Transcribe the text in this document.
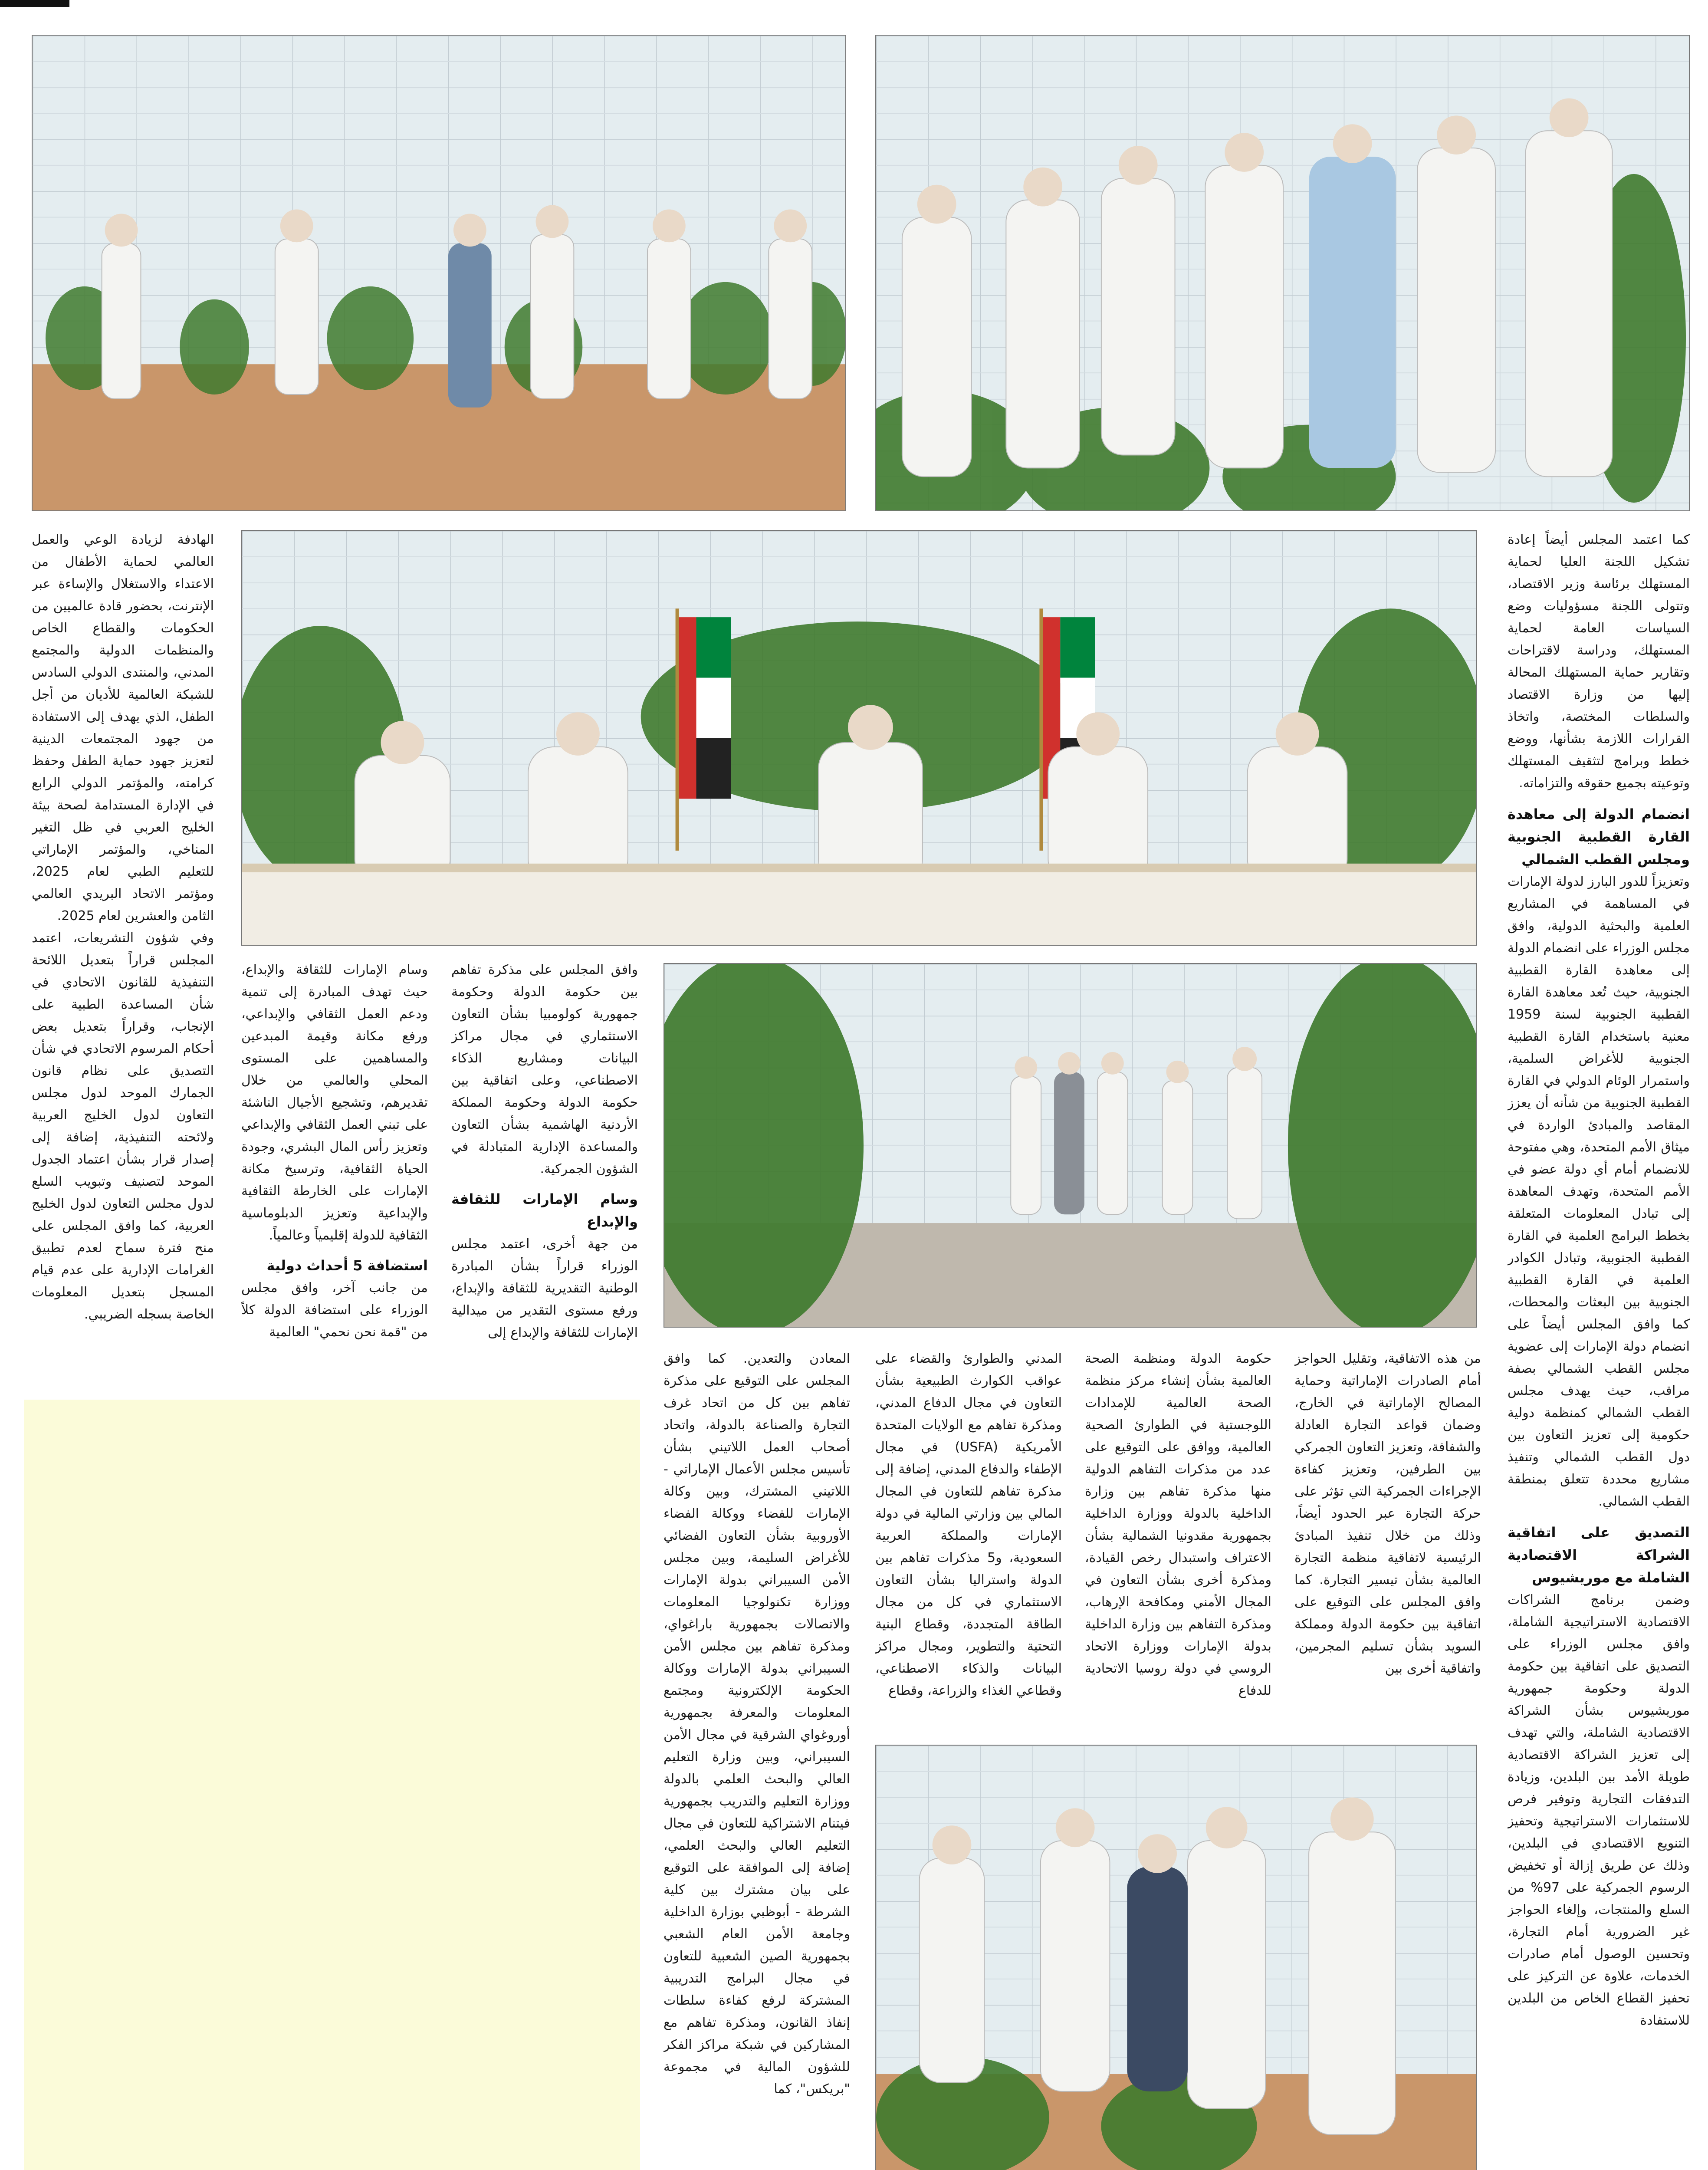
كما اعتمد المجلس أيضاً إعادة تشكيل اللجنة العليا لحماية المستهلك برئاسة وزير الاقتصاد، وتتولى اللجنة مسؤوليات وضع السياسات العامة لحماية المستهلك، ودراسة لاقتراحات وتقارير حماية المستهلك المحالة إليها من وزارة الاقتصاد والسلطات المختصة، واتخاذ القرارات اللازمة بشأنها، ووضع خطط وبرامج لتثقيف المستهلك وتوعيته بجميع حقوقه والتزاماته.

انضمام الدولة إلى معاهدة القارة القطبية الجنوبية ومجلس القطب الشمالي

وتعزيزاً للدور البارز لدولة الإمارات في المساهمة في المشاريع العلمية والبحثية الدولية، وافق مجلس الوزراء على انضمام الدولة إلى معاهدة القارة القطبية الجنوبية، حيث تُعد معاهدة القارة القطبية الجنوبية لسنة 1959 معنية باستخدام القارة القطبية الجنوبية للأغراض السلمية، واستمرار الوئام الدولي في القارة القطبية الجنوبية من شأنه أن يعزز المقاصد والمبادئ الواردة في ميثاق الأمم المتحدة، وهي مفتوحة للانضمام أمام أي دولة عضو في الأمم المتحدة، وتهدف المعاهدة إلى تبادل المعلومات المتعلقة بخطط البرامج العلمية في القارة القطبية الجنوبية، وتبادل الكوادر العلمية في القارة القطبية الجنوبية بين البعثات والمحطات، كما وافق المجلس أيضاً على انضمام دولة الإمارات إلى عضوية مجلس القطب الشمالي بصفة مراقب، حيث يهدف مجلس القطب الشمالي كمنظمة دولية حكومية إلى تعزيز التعاون بين دول القطب الشمالي وتنفيذ مشاريع محددة تتعلق بمنطقة القطب الشمالي.

التصديق على اتفاقية الشراكة الاقتصادية الشاملة مع موريشيوس

وضمن برنامج الشراكات الاقتصادية الاستراتيجية الشاملة، وافق مجلس الوزراء على التصديق على اتفاقية بين حكومة الدولة وحكومة جمهورية موريشيوس بشأن الشراكة الاقتصادية الشاملة، والتي تهدف إلى تعزيز الشراكة الاقتصادية طويلة الأمد بين البلدين، وزيادة التدفقات التجارية وتوفير فرص للاستثمارات الاستراتيجية وتحفيز التنويع الاقتصادي في البلدين، وذلك عن طريق إزالة أو تخفيض الرسوم الجمركية على 97% من السلع والمنتجات، وإلغاء الحواجز غير الضرورية أمام التجارة، وتحسين الوصول أمام صادرات الخدمات، علاوة عن التركيز على تحفيز القطاع الخاص من البلدين للاستفادة

الهادفة لزيادة الوعي والعمل العالمي لحماية الأطفال من الاعتداء والاستغلال والإساءة عبر الإنترنت، بحضور قادة عالميين من الحكومات والقطاع الخاص والمنظمات الدولية والمجتمع المدني، والمنتدى الدولي السادس للشبكة العالمية للأديان من أجل الطفل، الذي يهدف إلى الاستفادة من جهود المجتمعات الدينية لتعزيز جهود حماية الطفل وحفظ كرامته، والمؤتمر الدولي الرابع في الإدارة المستدامة لصحة بيئة الخليج العربي في ظل التغير المناخي، والمؤتمر الإماراتي للتعليم الطبي لعام 2025، ومؤتمر الاتحاد البريدي العالمي الثامن والعشرين لعام 2025.

وفي شؤون التشريعات، اعتمد المجلس قراراً بتعديل اللائحة التنفيذية للقانون الاتحادي في شأن المساعدة الطبية على الإنجاب، وقراراً بتعديل بعض أحكام المرسوم الاتحادي في شأن التصديق على نظام قانون الجمارك الموحد لدول مجلس التعاون لدول الخليج العربية ولائحته التنفيذية، إضافة إلى إصدار قرار بشأن اعتماد الجدول الموحد لتصنيف وتبويب السلع لدول مجلس التعاون لدول الخليج العربية، كما وافق المجلس على منح فترة سماح لعدم تطبيق الغرامات الإدارية على عدم قيام المسجل بتعديل المعلومات الخاصة بسجله الضريبي.

وسام الإمارات للثقافة والإبداع، حيث تهدف المبادرة إلى تنمية ودعم العمل الثقافي والإبداعي، ورفع مكانة وقيمة المبدعين والمساهمين على المستوى المحلي والعالمي من خلال تقديرهم، وتشجيع الأجيال الناشئة على تبني العمل الثقافي والإبداعي وتعزيز رأس المال البشري، وجودة الحياة الثقافية، وترسيخ مكانة الإمارات على الخارطة الثقافية والإبداعية وتعزيز الدبلوماسية الثقافية للدولة إقليمياً وعالمياً.

استضافة 5 أحداث دولية

من جانب آخر، وافق مجلس الوزراء على استضافة الدولة كلاً من "قمة نحن نحمي" العالمية

وافق المجلس على مذكرة تفاهم بين حكومة الدولة وحكومة جمهورية كولومبيا بشأن التعاون الاستثماري في مجال مراكز البيانات ومشاريع الذكاء الاصطناعي، وعلى اتفاقية بين حكومة الدولة وحكومة المملكة الأردنية الهاشمية بشأن التعاون والمساعدة الإدارية المتبادلة في الشؤون الجمركية.

وسام الإمارات للثقافة والإبداع

من جهة أخرى، اعتمد مجلس الوزراء قراراً بشأن المبادرة الوطنية التقديرية للثقافة والإبداع، ورفع مستوى التقدير من ميدالية الإمارات للثقافة والإبداع إلى

المعادن والتعدين. كما وافق المجلس على التوقيع على مذكرة تفاهم بين كل من اتحاد غرف التجارة والصناعة بالدولة، واتحاد أصحاب العمل اللاتيني بشأن تأسيس مجلس الأعمال الإماراتي - اللاتيني المشترك، وبين وكالة الإمارات للفضاء ووكالة الفضاء الأوروبية بشأن التعاون الفضائي للأغراض السليمة، وبين مجلس الأمن السيبراني بدولة الإمارات ووزارة تكنولوجيا المعلومات والاتصالات بجمهورية باراغواي، ومذكرة تفاهم بين مجلس الأمن السيبراني بدولة الإمارات ووكالة الحكومة الإلكترونية ومجتمع المعلومات والمعرفة بجمهورية أوروغواي الشرقية في مجال الأمن السيبراني، وبين وزارة التعليم العالي والبحث العلمي بالدولة ووزارة التعليم والتدريب بجمهورية فيتنام الاشتراكية للتعاون في مجال التعليم العالي والبحث العلمي، إضافة إلى الموافقة على التوقيع على بيان مشترك بين كلية الشرطة - أبوظبي بوزارة الداخلية وجامعة الأمن العام الشعبي بجمهورية الصين الشعبية للتعاون في مجال البرامج التدريبية المشتركة لرفع كفاءة سلطات إنفاذ القانون، ومذكرة تفاهم مع المشاركين في شبكة مراكز الفكر للشؤون المالية في مجموعة "بريكس"، كما

المدني والطوارئ والقضاء على عواقب الكوارث الطبيعية بشأن التعاون في مجال الدفاع المدني، ومذكرة تفاهم مع الولايات المتحدة الأمريكية (USFA) في مجال الإطفاء والدفاع المدني، إضافة إلى مذكرة تفاهم للتعاون في المجال المالي بين وزارتي المالية في دولة الإمارات والمملكة العربية السعودية، و5 مذكرات تفاهم بين الدولة واستراليا بشأن التعاون الاستثماري في كل من مجال الطاقة المتجددة، وقطاع البنية التحتية والتطوير، ومجال مراكز البيانات والذكاء الاصطناعي، وقطاعي الغذاء والزراعة، وقطاع

حكومة الدولة ومنظمة الصحة العالمية بشأن إنشاء مركز منظمة الصحة العالمية للإمدادات اللوجستية في الطوارئ الصحية العالمية، ووافق على التوقيع على عدد من مذكرات التفاهم الدولية منها مذكرة تفاهم بين وزارة الداخلية بالدولة ووزارة الداخلية بجمهورية مقدونيا الشمالية بشأن الاعتراف واستبدال رخص القيادة، ومذكرة أخرى بشأن التعاون في المجال الأمني ومكافحة الإرهاب، ومذكرة التفاهم بين وزارة الداخلية بدولة الإمارات ووزارة الاتحاد الروسي في دولة روسيا الاتحادية للدفاع

من هذه الاتفاقية، وتقليل الحواجز أمام الصادرات الإماراتية وحماية المصالح الإماراتية في الخارج، وضمان قواعد التجارة العادلة والشفافة، وتعزيز التعاون الجمركي بين الطرفين، وتعزيز كفاءة الإجراءات الجمركية التي تؤثر على حركة التجارة عبر الحدود أيضاً، وذلك من خلال تنفيذ المبادئ الرئيسية لاتفاقية منظمة التجارة العالمية بشأن تيسير التجارة. كما وافق المجلس على التوقيع على اتفاقية بين حكومة الدولة ومملكة السويد بشأن تسليم المجرمين، واتفاقية أخرى بين
